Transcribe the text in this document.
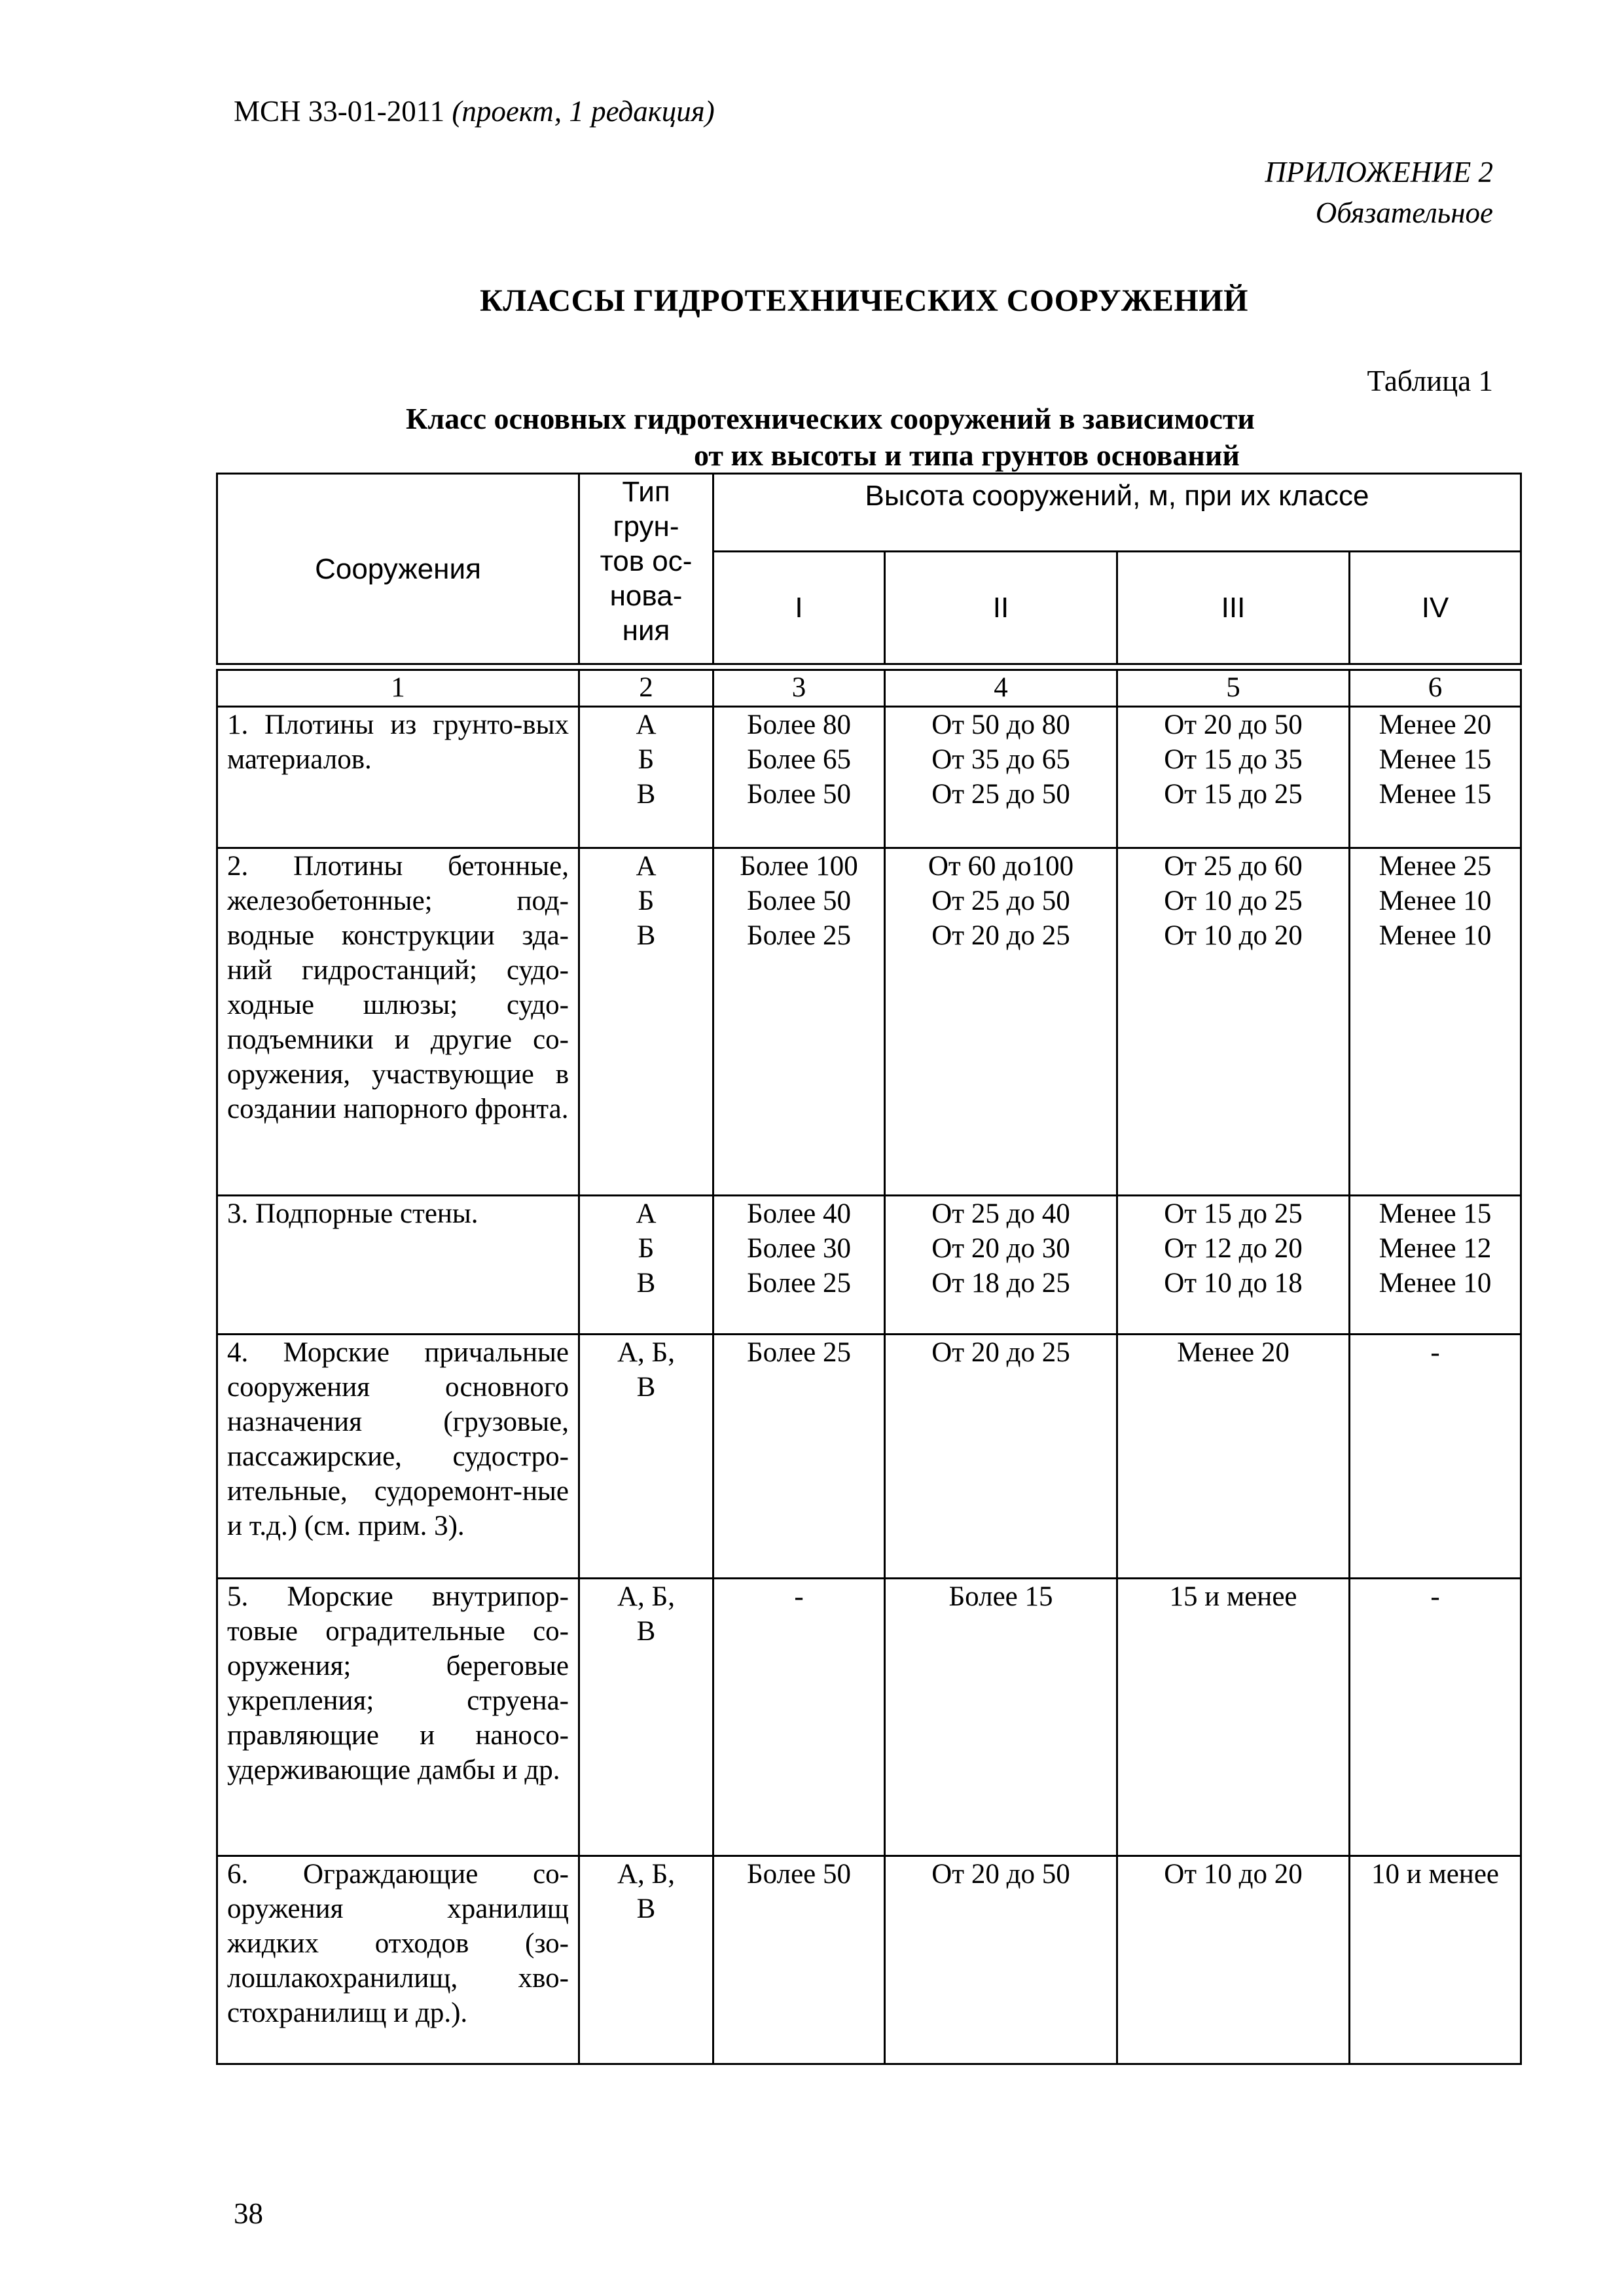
МСН 33-01-2011 (проект, 1 редакция)
ПРИЛОЖЕНИЕ 2
Обязательное
КЛАССЫ ГИДРОТЕХНИЧЕСКИХ СООРУЖЕНИЙ
Таблица 1
Класс основных гидротехнических сооружений в зависимости
от их высоты и типа грунтов оснований
Сооружения	Тип
грун-
тов ос-
нова-
ния	Высота сооружений, м, при их классе			
		I	II	III	IV
1	2	3	4	5	6
1. Плотины из грунто-вых материалов.	А
Б
В	Более 80
Более 65
Более 50	От 50 до 80
От 35 до 65
От 25 до 50	От 20 до 50
От 15 до 35
От 15 до 25	Менее 20
Менее 15
Менее 15
2. Плотины бетонные, железобетонные; под-водные конструкции зда-ний гидростанций; судо-ходные шлюзы; судо-подъемники и другие со-оружения, участвующие в создании напорного фронта.	А
Б
В	Более 100
Более 50
Более 25	От 60 до100
От 25 до 50
От 20 до 25	От 25 до 60
От 10 до 25
От 10 до 20	Менее 25
Менее 10
Менее 10
3. Подпорные стены.	А
Б
В	Более 40
Более 30
Более 25	От 25 до 40
От 20 до 30
От 18 до 25	От 15 до 25
От 12 до 20
От 10 до 18	Менее 15
Менее 12
Менее 10
4. Морские причальные сооружения основного назначения (грузовые, пассажирские, судостро-ительные, судоремонт-ные и т.д.) (см. прим. 3).	А, Б,
В	Более 25	От 20 до 25	Менее 20	-
5. Морские внутрипор-товые оградительные со-оружения; береговые укрепления; струена-правляющие и наносо-удерживающие дамбы и др.	А, Б,
В	-	Более 15	15 и менее	-
6. Ограждающие со-оружения хранилищ жидких отходов (зо-лошлакохранилищ, хво-стохранилищ и др.).	А, Б,
В	Более 50	От 20 до 50	От 10 до 20	10 и менее
38
